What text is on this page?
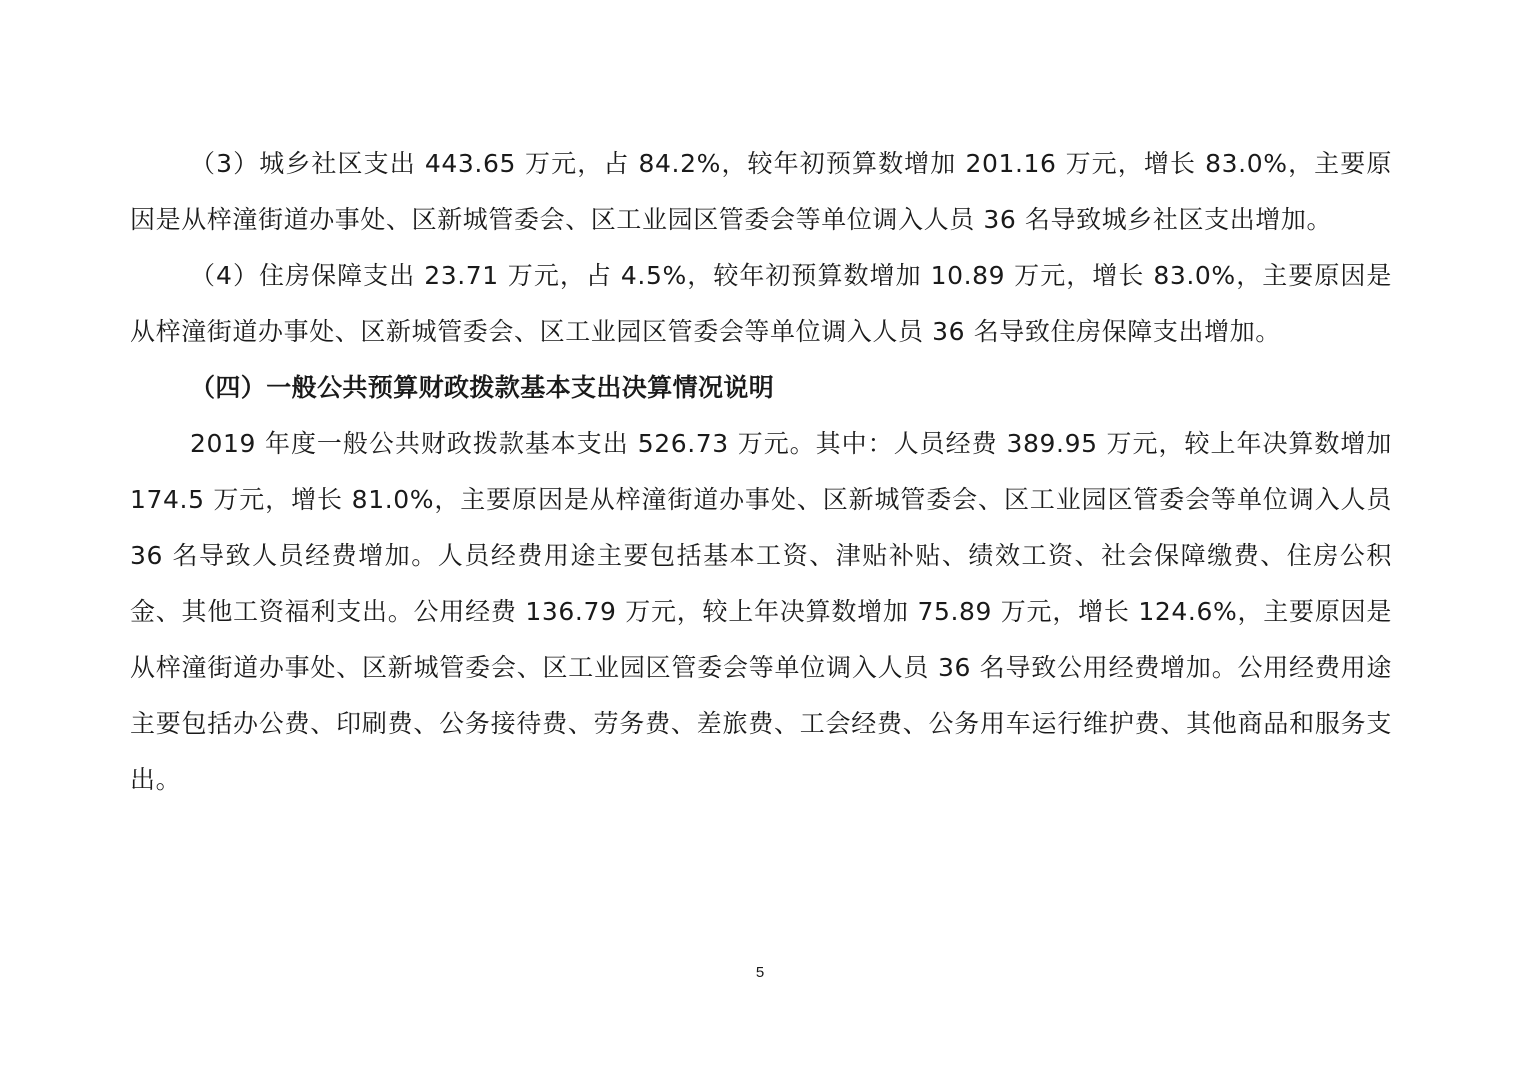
（3）城乡社区支出 443.65 万元，占 84.2%，较年初预算数增加 201.16 万元，增长 83.0%，主要原因是从梓潼街道办事处、区新城管委会、区工业园区管委会等单位调入人员 36 名导致城乡社区支出增加。

（4）住房保障支出 23.71 万元，占 4.5%，较年初预算数增加 10.89 万元，增长 83.0%，主要原因是从梓潼街道办事处、区新城管委会、区工业园区管委会等单位调入人员 36 名导致住房保障支出增加。

（四）一般公共预算财政拨款基本支出决算情况说明

2019 年度一般公共财政拨款基本支出 526.73 万元。其中：人员经费 389.95 万元，较上年决算数增加 174.5 万元，增长 81.0%，主要原因是从梓潼街道办事处、区新城管委会、区工业园区管委会等单位调入人员 36 名导致人员经费增加。人员经费用途主要包括基本工资、津贴补贴、绩效工资、社会保障缴费、住房公积金、其他工资福利支出。公用经费 136.79 万元，较上年决算数增加 75.89 万元，增长 124.6%，主要原因是从梓潼街道办事处、区新城管委会、区工业园区管委会等单位调入人员 36 名导致公用经费增加。公用经费用途主要包括办公费、印刷费、公务接待费、劳务费、差旅费、工会经费、公务用车运行维护费、其他商品和服务支出。

5
